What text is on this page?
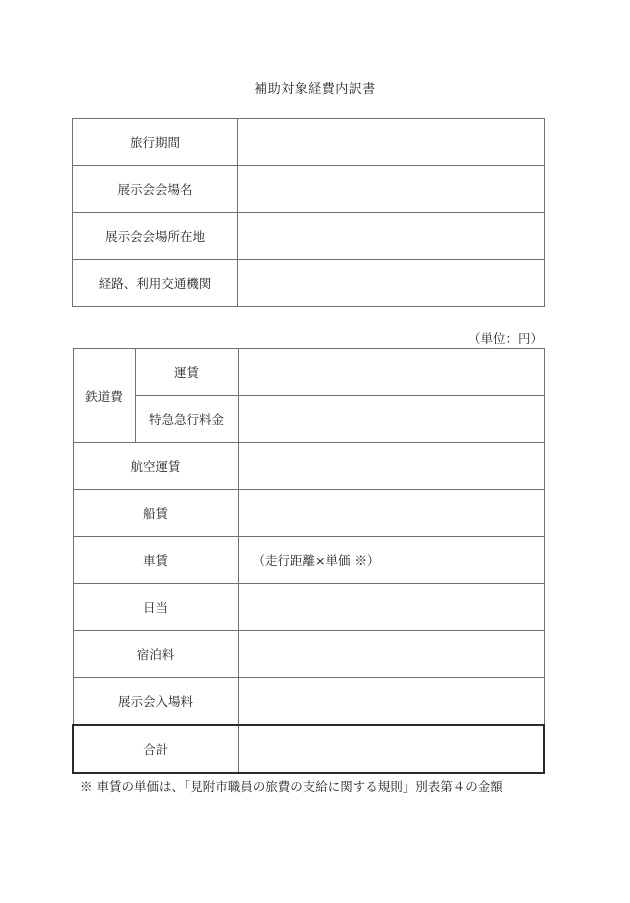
補助対象経費内訳書
旅行期間	
展示会会場名	
展示会会場所在地	
経路、利用交通機関	
（単位：円）
鉄道費	運賃	
	特急急行料金	
航空運賃		
船賃		
車賃		（走行距離×単価 ※）
日当		
宿泊料		
展示会入場料		
合計		
※ 車賃の単価は、「見附市職員の旅費の支給に関する規則」別表第４の金額
